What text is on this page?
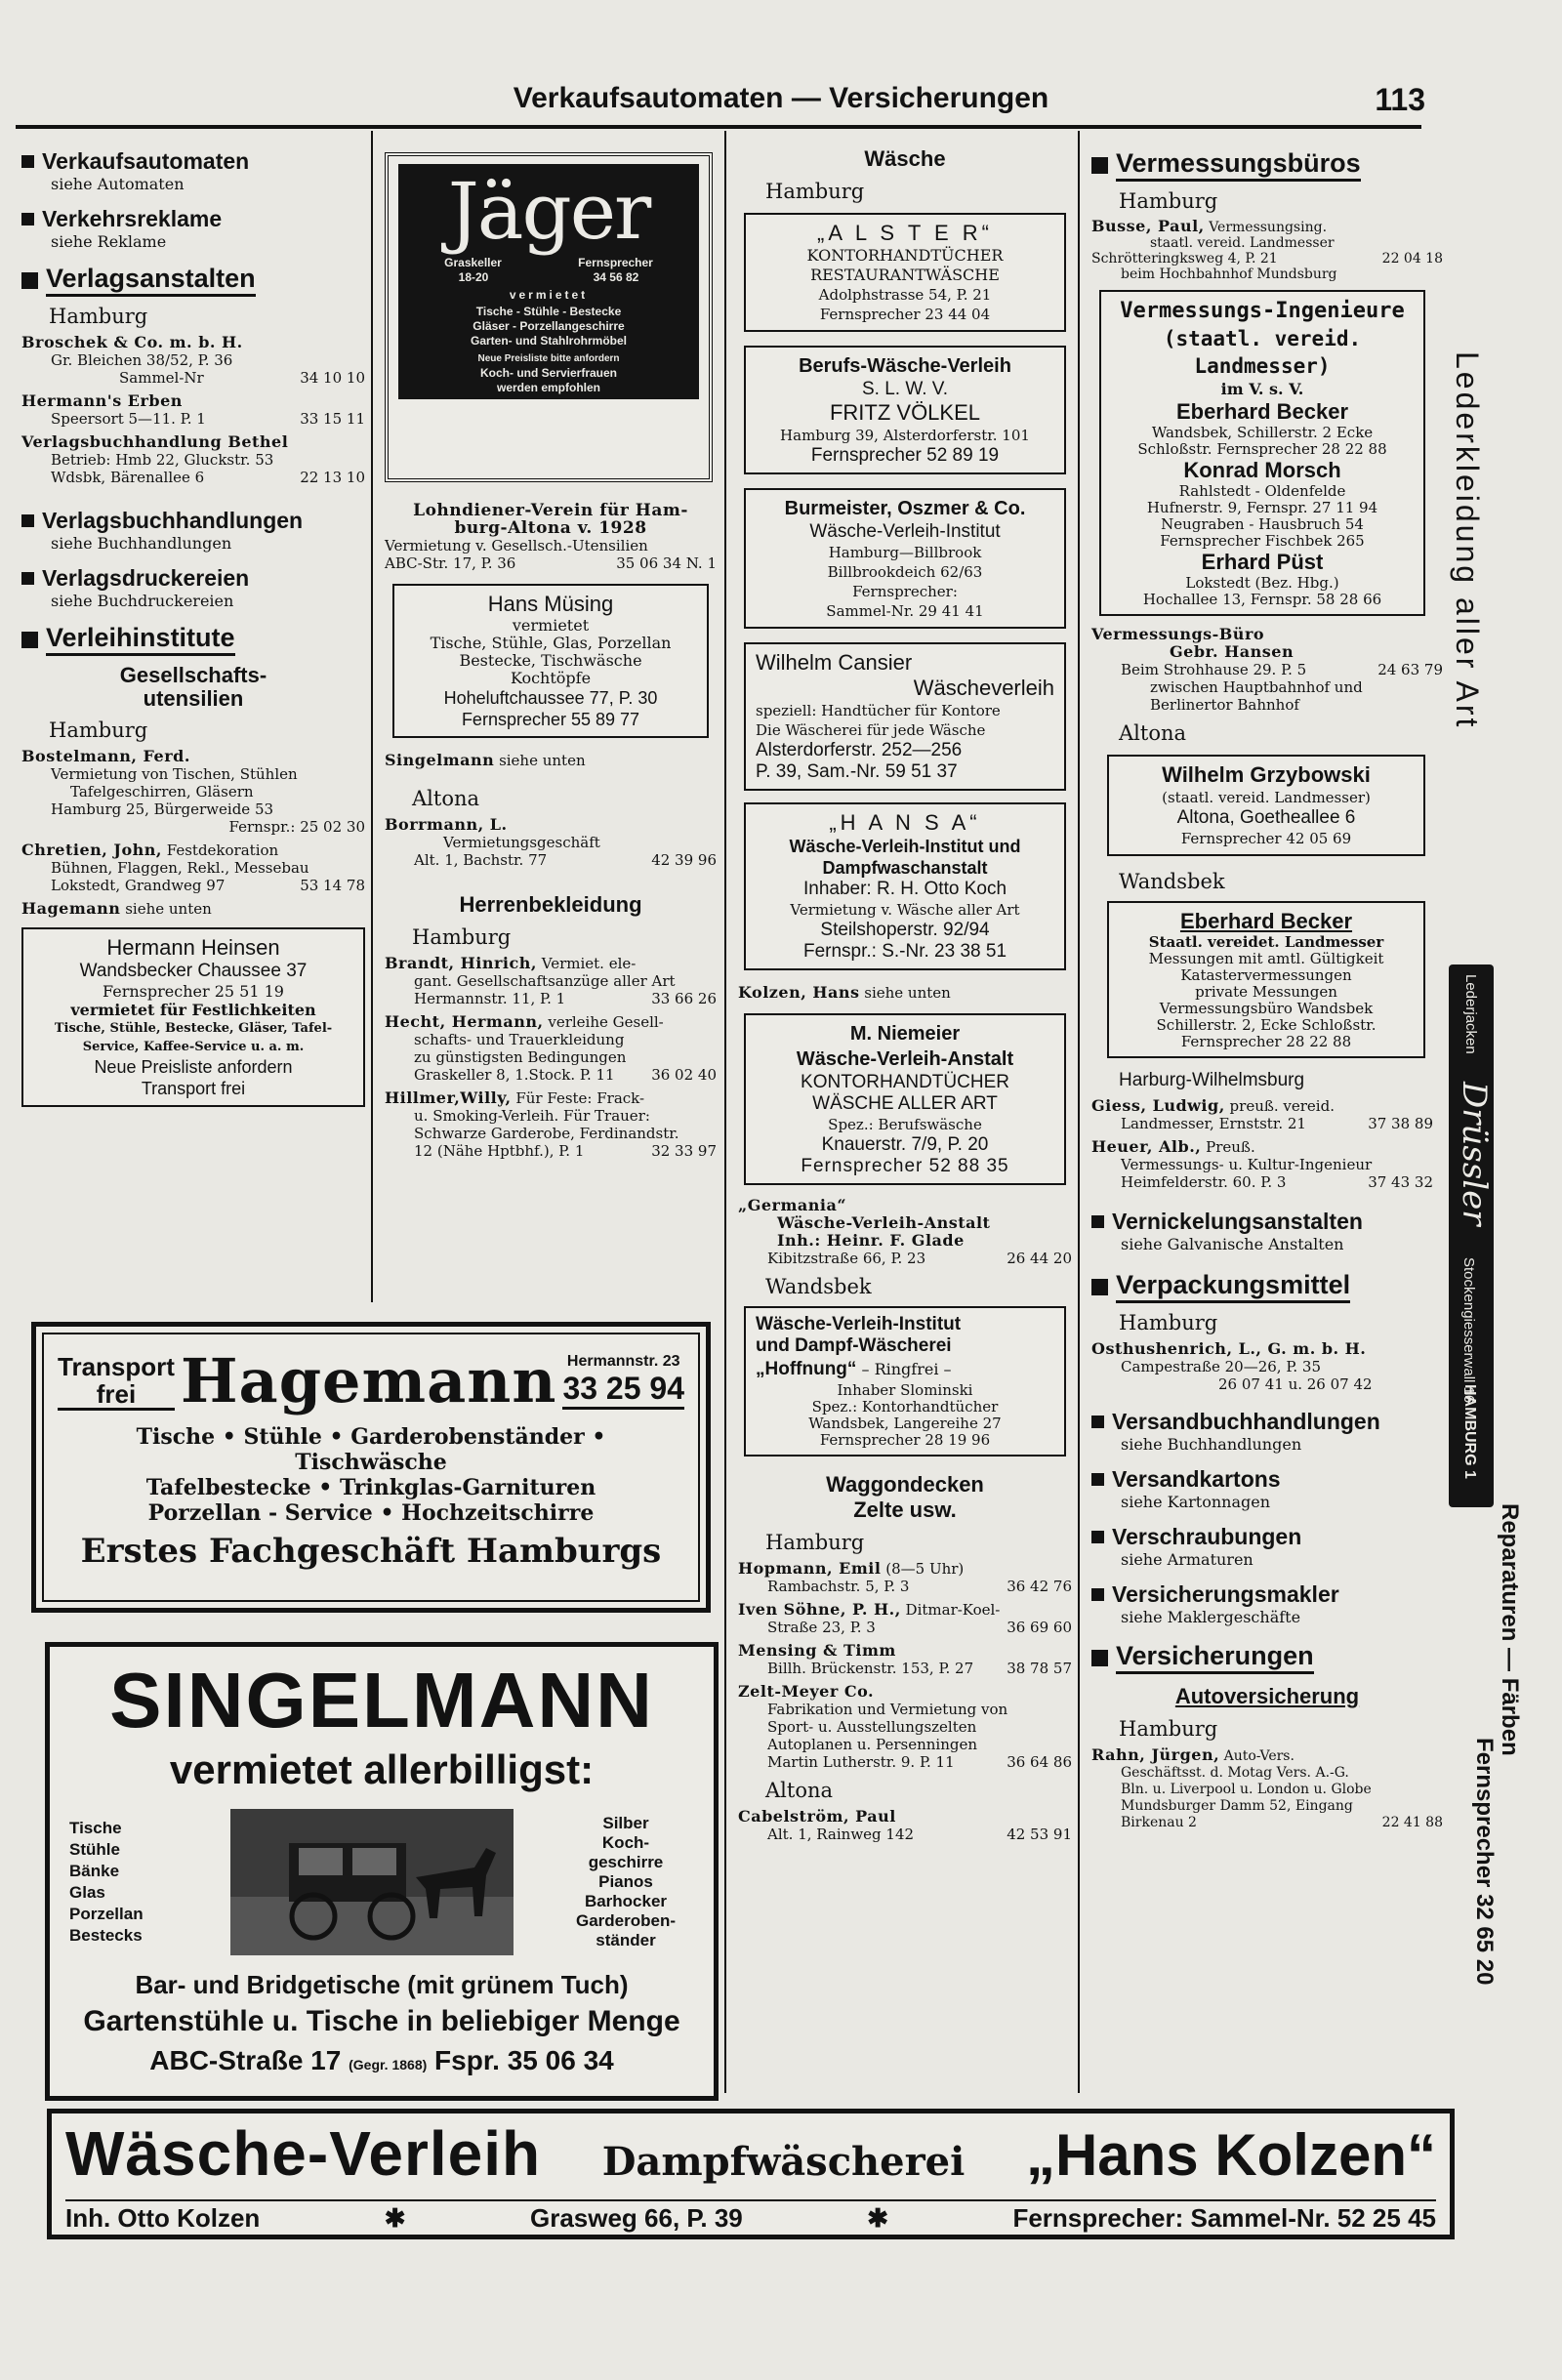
Verkaufsautomaten — Versicherungen	113
Verkaufsautomaten
siehe Automaten
Verkehrsreklame
siehe Reklame
Verlagsanstalten
Hamburg
Broschek & Co. m. b. H.
Gr. Bleichen 38/52, P. 36
Sammel-Nr	34 10 10
Hermann's Erben
Speersort 5—11. P. 1	33 15 11
Verlagsbuchhandlung Bethel
Betrieb: Hmb 22, Gluckstr. 53
Wdsbk, Bärenallee 6	22 13 10
Verlagsbuchhandlungen
siehe Buchhandlungen
Verlagsdruckereien
siehe Buchdruckereien
Verleihinstitute
Gesellschafts-
utensilien
Hamburg
Bostelmann, Ferd.
Vermietung von Tischen, Stühlen
Tafelgeschirren, Gläsern
Hamburg 25, Bürgerweide 53
Fernspr.: 25 02 30
Chretien, John, Festdekoration
Bühnen, Flaggen, Rekl., Messebau
Lokstedt, Grandweg 97	53 14 78
Hagemann siehe unten
Hermann Heinsen
Wandsbecker Chaussee 37
Fernsprecher 25 51 19
vermietet für Festlichkeiten
Tische, Stühle, Bestecke, Gläser, Tafel-
Service, Kaffee-Service u. a. m.
Neue Preisliste anfordern
Transport frei
Jäger
Graskeller	Fernsprecher
18-20	34 56 82
vermietet
Tische - Stühle - Bestecke
Gläser - Porzellangeschirre
Garten- und Stahlrohrmöbel
Neue Preisliste bitte anfordern
Koch- und Servierfrauen
werden empfohlen
Lohndiener-Verein für Ham-
burg-Altona v. 1928
Vermietung v. Gesellsch.-Utensilien
ABC-Str. 17, P. 36	35 06 34 N. 1
Hans Müsing
vermietet
Tische, Stühle, Glas, Porzellan
Bestecke, Tischwäsche
Kochtöpfe
Hoheluftchaussee 77, P. 30
Fernsprecher 55 89 77
Singelmann siehe unten
Altona
Borrmann, L.
Vermietungsgeschäft
Alt. 1, Bachstr. 77	42 39 96
Herrenbekleidung
Hamburg
Brandt, Hinrich, Vermiet. ele-
gant. Gesellschaftsanzüge aller Art
Hermannstr. 11, P. 1	33 66 26
Hecht, Hermann, verleihe Gesell-
schafts- und Trauerkleidung
zu günstigsten Bedingungen
Graskeller 8, 1.Stock. P. 11	36 02 40
Hillmer,Willy, Für Feste: Frack-
u. Smoking-Verleih. Für Trauer:
Schwarze Garderobe, Ferdinandstr.
12 (Nähe Hptbhf.), P. 1	32 33 97
Transport
frei Hagemann Hermannstr. 23
33 25 94
Tische • Stühle • Garderobenständer • Tischwäsche
Tafelbestecke • Trinkglas-Garnituren
Porzellan - Service • Hochzeitschirre
Erstes Fachgeschäft Hamburgs
SINGELMANN
vermietet allerbilligst:
Tische
Stühle
Bänke
Glas
Porzellan
Bestecks
Silber
Koch-
geschirre
Pianos
Barhocker
Garderoben-
ständer
Bar- und Bridgetische (mit grünem Tuch)
Gartenstühle u. Tische in beliebiger Menge
ABC-Straße 17 (Gegr. 1868) Fspr. 35 06 34
Wäsche
Hamburg
„A L S T E R“
KONTORHANDTÜCHER
RESTAURANTWÄSCHE
Adolphstrasse 54, P. 21
Fernsprecher 23 44 04
Berufs-Wäsche-Verleih
S. L. W. V.
FRITZ VÖLKEL
Hamburg 39, Alsterdorferstr. 101
Fernsprecher 52 89 19
Burmeister, Oszmer & Co.
Wäsche-Verleih-Institut
Hamburg—Billbrook
Billbrookdeich 62/63
Fernsprecher:
Sammel-Nr. 29 41 41
Wilhelm Cansier
Wäscheverleih
speziell: Handtücher für Kontore
Die Wäscherei für jede Wäsche
Alsterdorferstr. 252—256
P. 39, Sam.-Nr. 59 51 37
„H A N S A“
Wäsche-Verleih-Institut und
Dampfwaschanstalt
Inhaber: R. H. Otto Koch
Vermietung v. Wäsche aller Art
Steilshoperstr. 92/94
Fernspr.: S.-Nr. 23 38 51
Kolzen, Hans siehe unten
M. Niemeier
Wäsche-Verleih-Anstalt
KONTORHANDTÜCHER
WÄSCHE ALLER ART
Spez.: Berufswäsche
Knauerstr. 7/9, P. 20
Fernsprecher 52 88 35
„Germania“
Wäsche-Verleih-Anstalt
Inh.: Heinr. F. Glade
Kibitzstraße 66, P. 23	26 44 20
Wandsbek
Wäsche-Verleih-Institut
und Dampf-Wäscherei
„Hoffnung“ – Ringfrei –
Inhaber Slominski
Spez.: Kontorhandtücher
Wandsbek, Langereihe 27
Fernsprecher 28 19 96
Waggondecken
Zelte usw.
Hamburg
Hopmann, Emil (8—5 Uhr)
Rambachstr. 5, P. 3	36 42 76
Iven Söhne, P. H., Ditmar-Koel-
Straße 23, P. 3	36 69 60
Mensing & Timm
Billh. Brückenstr. 153, P. 27 38 78 57
Zelt-Meyer Co.
Fabrikation und Vermietung von
Sport- u. Ausstellungszelten
Autoplanen u. Persenningen
Martin Lutherstr. 9. P. 11	36 64 86
Altona
Cabelström, Paul
Alt. 1, Rainweg 142	42 53 91
Vermessungsbüros
Hamburg
Busse, Paul, Vermessungsing.
staatl. vereid. Landmesser
Schrötteringksweg 4, P. 21	22 04 18
beim Hochbahnhof Mundsburg
Vermessungs-Ingenieure
(staatl. vereid. Landmesser)
im V. s. V.
Eberhard Becker
Wandsbek, Schillerstr. 2 Ecke
Schloßstr. Fernsprecher 28 22 88
Konrad Morsch
Rahlstedt - Oldenfelde
Hufnerstr. 9, Fernspr. 27 11 94
Neugraben - Hausbruch 54
Fernsprecher Fischbek 265
Erhard Püst
Lokstedt (Bez. Hbg.)
Hochallee 13, Fernspr. 58 28 66
Vermessungs-Büro
Gebr. Hansen
Beim Strohhause 29. P. 5	24 63 79
zwischen Hauptbahnhof und
Berlinertor Bahnhof
Altona
Wilhelm Grzybowski
(staatl. vereid. Landmesser)
Altona, Goetheallee 6
Fernsprecher 42 05 69
Wandsbek
Eberhard Becker
Staatl. vereidet. Landmesser
Messungen mit amtl. Gültigkeit
Katastervermessungen
private Messungen
Vermessungsbüro Wandsbek
Schillerstr. 2, Ecke Schloßstr.
Fernsprecher 28 22 88
Harburg-Wilhelmsburg
Giess, Ludwig, preuß. vereid.
Landmesser, Ernststr. 21	37 38 89
Heuer, Alb., Preuß.
Vermessungs- u. Kultur-Ingenieur
Heimfelderstr. 60. P. 3	37 43 32
Vernickelungsanstalten
siehe Galvanische Anstalten
Verpackungsmittel
Hamburg
Osthushenrich, L., G. m. b. H.
Campestraße 20—26, P. 35
26 07 41 u. 26 07 42
Versandbuchhandlungen
siehe Buchhandlungen
Versandkartons
siehe Kartonnagen
Verschraubungen
siehe Armaturen
Versicherungsmakler
siehe Maklergeschäfte
Versicherungen
Autoversicherung
Hamburg
Rahn, Jürgen, Auto-Vers.
Geschäftsst. d. Motag Vers. A.-G.
Bln. u. Liverpool u. London u. Globe
Mundsburger Damm 52, Eingang
Birkenau 2	22 41 88
Lederkleidung aller Art
Lederjacken
Drüssler
Stockengiesserwall 16
HAMBURG 1
Reparaturen — Färben
Fernsprecher 32 65 20
Wäsche-Verleih Dampfwäscherei „Hans Kolzen“
Inh. Otto Kolzen	✱	Grasweg 66, P. 39	✱	Fernsprecher: Sammel-Nr. 52 25 45
